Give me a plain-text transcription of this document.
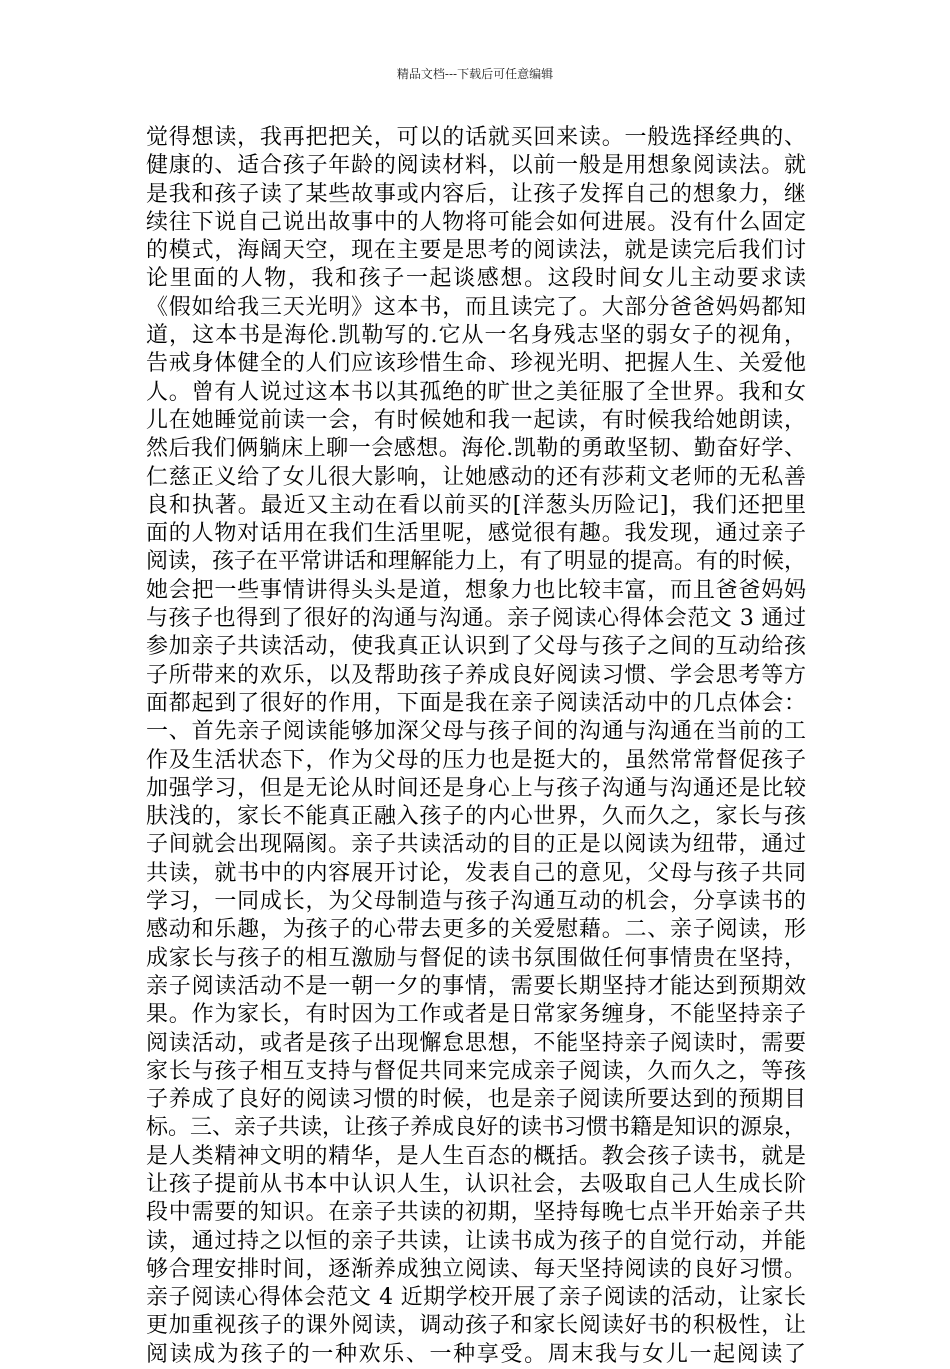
精品文档---下载后可任意编辑
觉得想读，我再把把关，可以的话就买回来读。一般选择经典的、
健康的、适合孩子年龄的阅读材料，以前一般是用想象阅读法。就
是我和孩子读了某些故事或内容后，让孩子发挥自己的想象力，继
续往下说自己说出故事中的人物将可能会如何进展。没有什么固定
的模式，海阔天空，现在主要是思考的阅读法，就是读完后我们讨
论里面的人物，我和孩子一起谈感想。这段时间女儿主动要求读
《假如给我三天光明》这本书，而且读完了。大部分爸爸妈妈都知
道，这本书是海伦.凯勒写的.它从一名身残志坚的弱女子的视角，
告戒身体健全的人们应该珍惜生命、珍视光明、把握人生、关爱他
人。曾有人说过这本书以其孤绝的旷世之美征服了全世界。我和女
儿在她睡觉前读一会，有时候她和我一起读，有时候我给她朗读，
然后我们俩躺床上聊一会感想。海伦.凯勒的勇敢坚韧、勤奋好学、
仁慈正义给了女儿很大影响，让她感动的还有莎莉文老师的无私善
良和执著。最近又主动在看以前买的[洋葱头历险记]，我们还把里
面的人物对话用在我们生活里呢，感觉很有趣。我发现，通过亲子
阅读，孩子在平常讲话和理解能力上，有了明显的提高。有的时候，
她会把一些事情讲得头头是道，想象力也比较丰富，而且爸爸妈妈
与孩子也得到了很好的沟通与沟通。亲子阅读心得体会范文 3 通过
参加亲子共读活动，使我真正认识到了父母与孩子之间的互动给孩
子所带来的欢乐，以及帮助孩子养成良好阅读习惯、学会思考等方
面都起到了很好的作用，下面是我在亲子阅读活动中的几点体会：
一、首先亲子阅读能够加深父母与孩子间的沟通与沟通在当前的工
作及生活状态下，作为父母的压力也是挺大的，虽然常常督促孩子
加强学习，但是无论从时间还是身心上与孩子沟通与沟通还是比较
肤浅的，家长不能真正融入孩子的内心世界，久而久之，家长与孩
子间就会出现隔阂。亲子共读活动的目的正是以阅读为纽带，通过
共读，就书中的内容展开讨论，发表自己的意见，父母与孩子共同
学习，一同成长，为父母制造与孩子沟通互动的机会，分享读书的
感动和乐趣，为孩子的心带去更多的关爱慰藉。二、亲子阅读，形
成家长与孩子的相互激励与督促的读书氛围做任何事情贵在坚持，
亲子阅读活动不是一朝一夕的事情，需要长期坚持才能达到预期效
果。作为家长，有时因为工作或者是日常家务缠身，不能坚持亲子
阅读活动，或者是孩子出现懈怠思想，不能坚持亲子阅读时，需要
家长与孩子相互支持与督促共同来完成亲子阅读，久而久之，等孩
子养成了良好的阅读习惯的时候，也是亲子阅读所要达到的预期目
标。三、亲子共读，让孩子养成良好的读书习惯书籍是知识的源泉，
是人类精神文明的精华，是人生百态的概括。教会孩子读书，就是
让孩子提前从书本中认识人生，认识社会，去吸取自己人生成长阶
段中需要的知识。在亲子共读的初期，坚持每晚七点半开始亲子共
读，通过持之以恒的亲子共读，让读书成为孩子的自觉行动，并能
够合理安排时间，逐渐养成独立阅读、每天坚持阅读的良好习惯。
亲子阅读心得体会范文 4 近期学校开展了亲子阅读的活动，让家长
更加重视孩子的课外阅读，调动孩子和家长阅读好书的积极性，让
阅读成为孩子的一种欢乐、一种享受。周末我与女儿一起阅读了
